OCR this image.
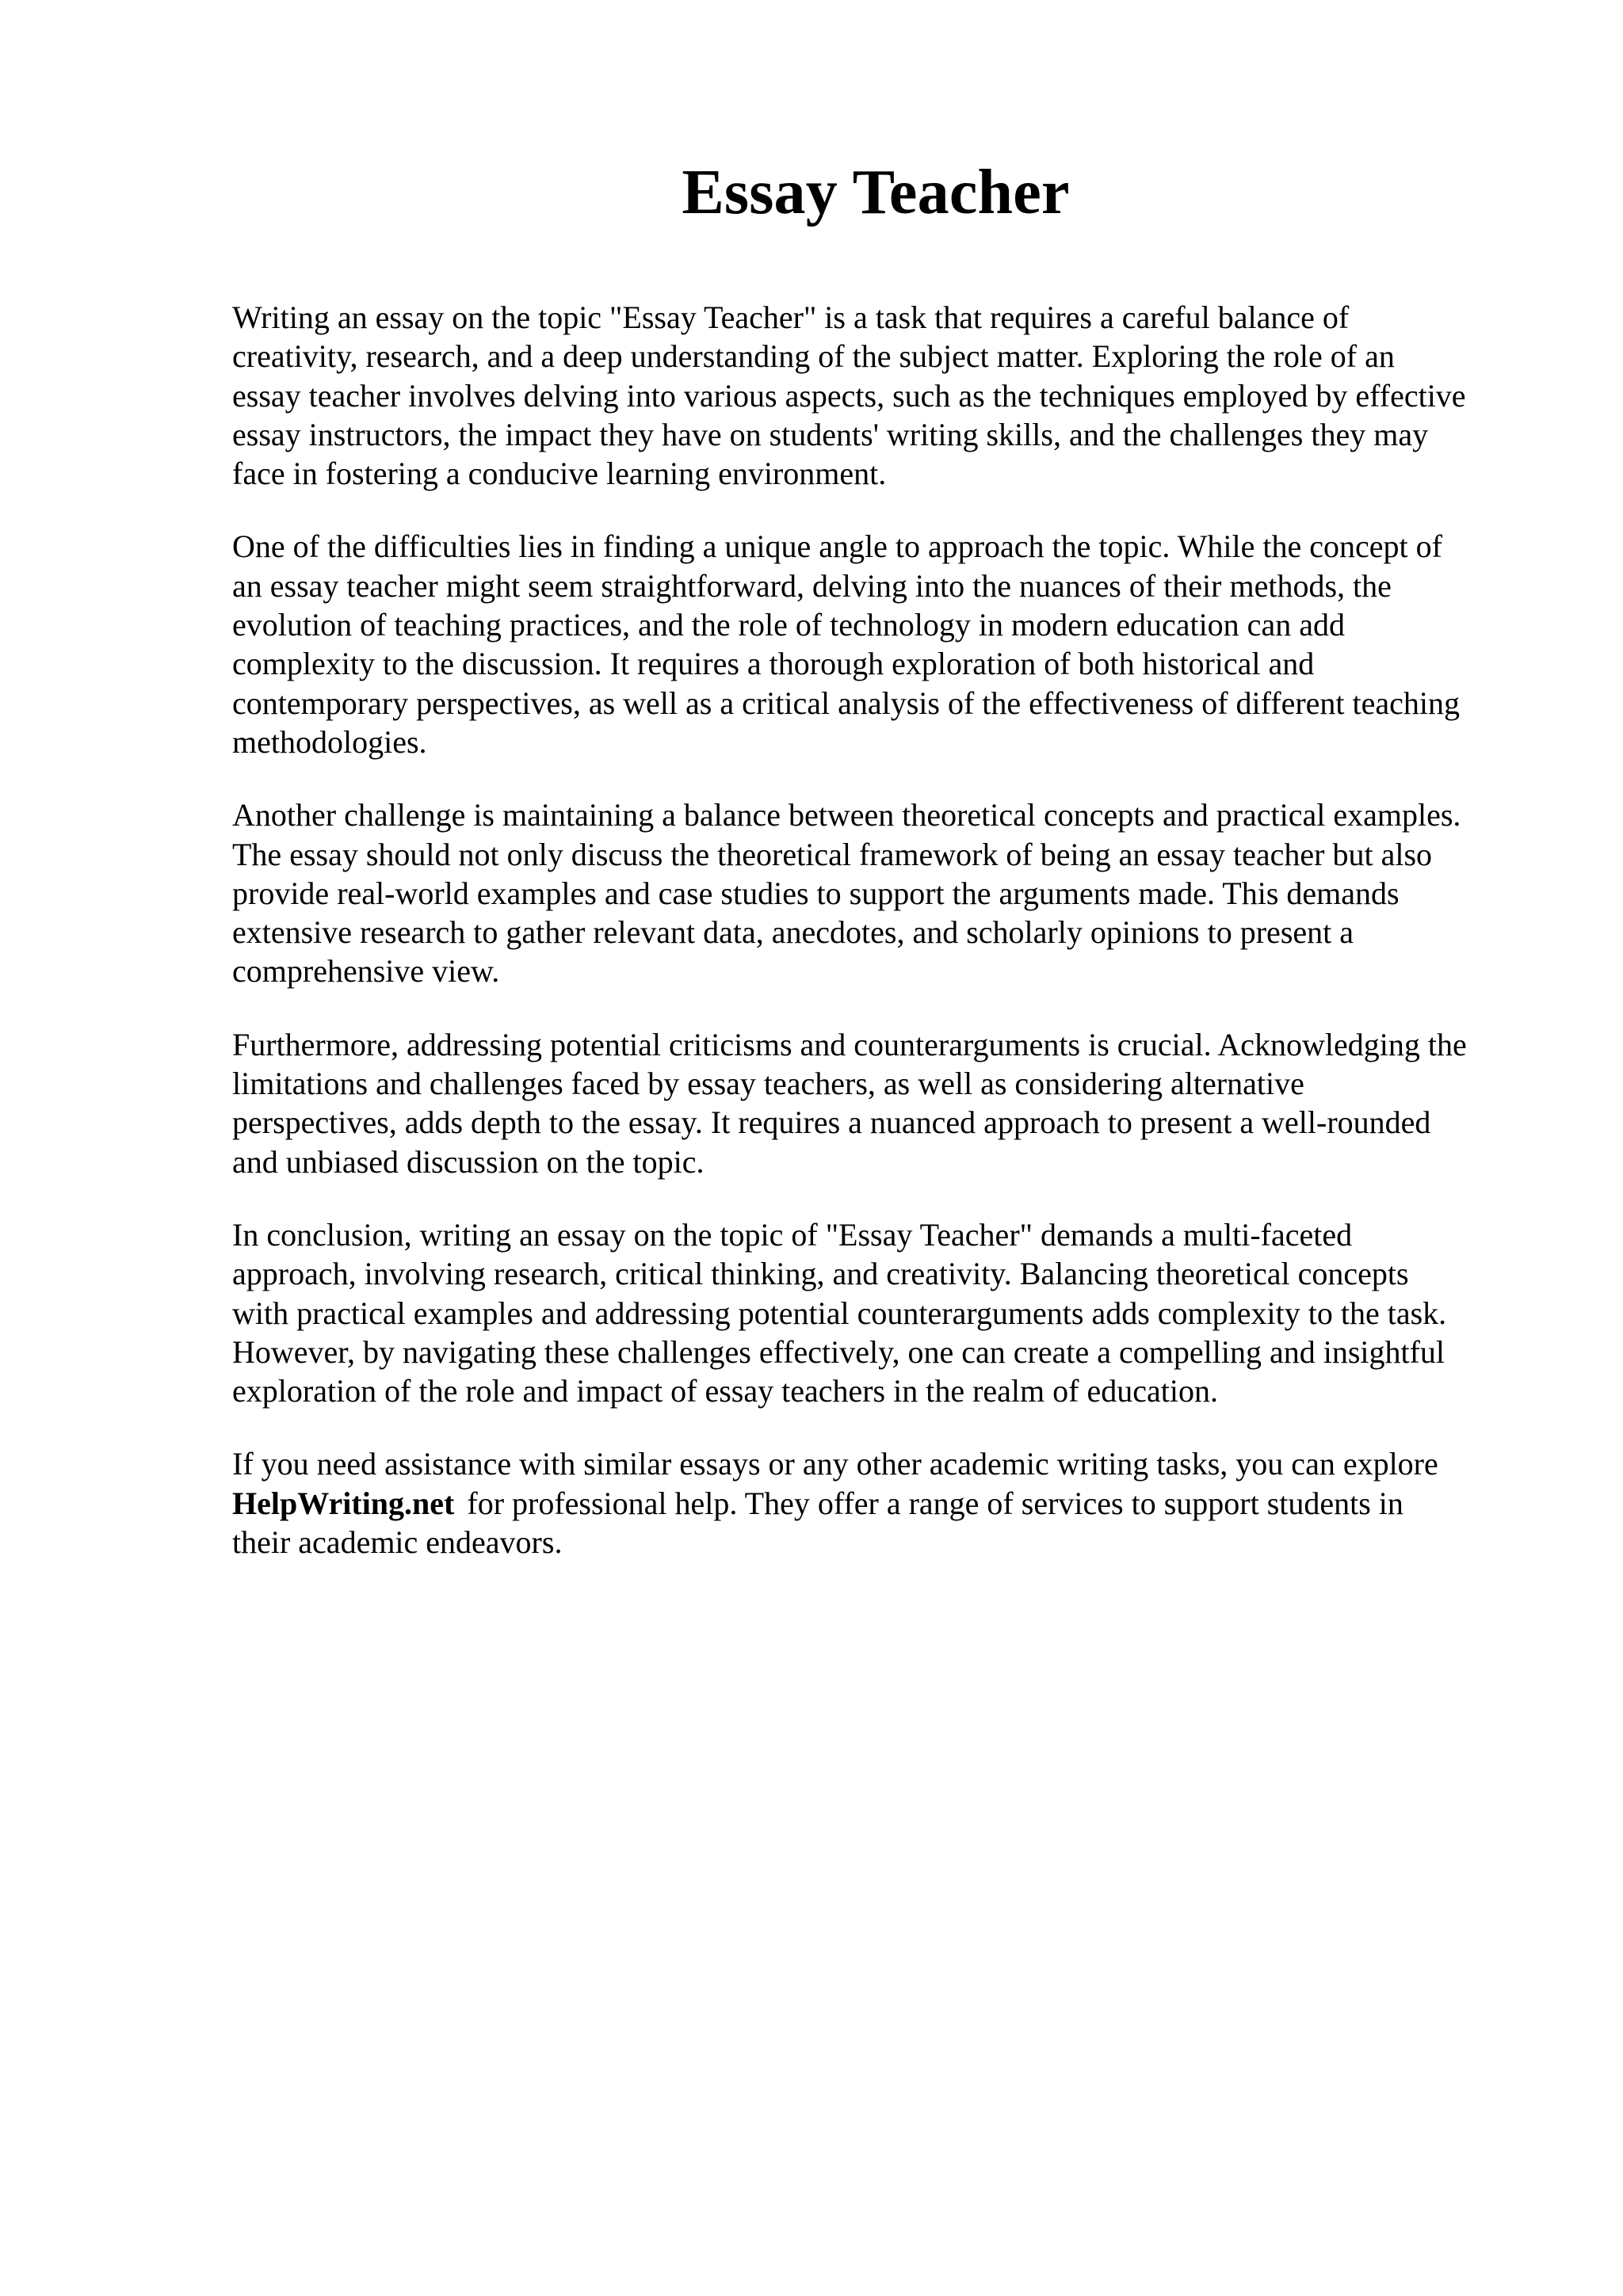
Essay Teacher

Writing an essay on the topic "Essay Teacher" is a task that requires a careful balance of
creativity, research, and a deep understanding of the subject matter. Exploring the role of an
essay teacher involves delving into various aspects, such as the techniques employed by effective
essay instructors, the impact they have on students' writing skills, and the challenges they may
face in fostering a conducive learning environment.

One of the difficulties lies in finding a unique angle to approach the topic. While the concept of
an essay teacher might seem straightforward, delving into the nuances of their methods, the
evolution of teaching practices, and the role of technology in modern education can add
complexity to the discussion. It requires a thorough exploration of both historical and
contemporary perspectives, as well as a critical analysis of the effectiveness of different teaching
methodologies.

Another challenge is maintaining a balance between theoretical concepts and practical examples.
The essay should not only discuss the theoretical framework of being an essay teacher but also
provide real-world examples and case studies to support the arguments made. This demands
extensive research to gather relevant data, anecdotes, and scholarly opinions to present a
comprehensive view.

Furthermore, addressing potential criticisms and counterarguments is crucial. Acknowledging the
limitations and challenges faced by essay teachers, as well as considering alternative
perspectives, adds depth to the essay. It requires a nuanced approach to present a well-rounded
and unbiased discussion on the topic.

In conclusion, writing an essay on the topic of "Essay Teacher" demands a multi-faceted
approach, involving research, critical thinking, and creativity. Balancing theoretical concepts
with practical examples and addressing potential counterarguments adds complexity to the task.
However, by navigating these challenges effectively, one can create a compelling and insightful
exploration of the role and impact of essay teachers in the realm of education.

If you need assistance with similar essays or any other academic writing tasks, you can explore
HelpWriting.net for professional help. They offer a range of services to support students in
their academic endeavors.
